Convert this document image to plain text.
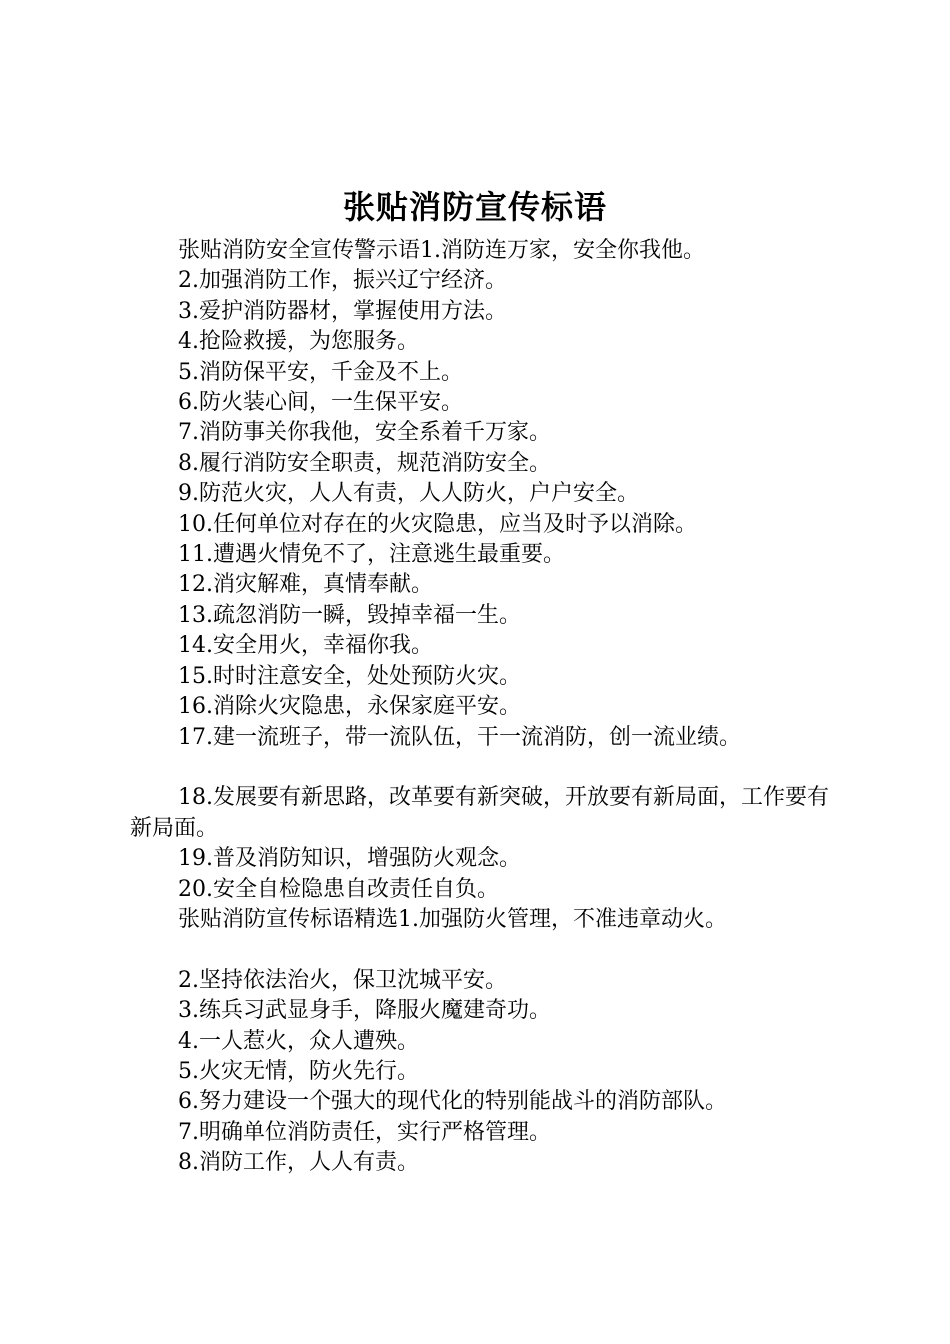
张贴消防宣传标语
张贴消防安全宣传警示语1.消防连万家，安全你我他。
2.加强消防工作，振兴辽宁经济。
3.爱护消防器材，掌握使用方法。
4.抢险救援，为您服务。
5.消防保平安，千金及不上。
6.防火装心间，一生保平安。
7.消防事关你我他，安全系着千万家。
8.履行消防安全职责，规范消防安全。
9.防范火灾，人人有责，人人防火，户户安全。
10.任何单位对存在的火灾隐患，应当及时予以消除。
11.遭遇火情免不了，注意逃生最重要。
12.消灾解难，真情奉献。
13.疏忽消防一瞬，毁掉幸福一生。
14.安全用火，幸福你我。
15.时时注意安全，处处预防火灾。
16.消除火灾隐患，永保家庭平安。
17.建一流班子，带一流队伍，干一流消防，创一流业绩。
18.发展要有新思路，改革要有新突破，开放要有新局面，工作要有新局面。
19.普及消防知识，增强防火观念。
20.安全自检隐患自改责任自负。
张贴消防宣传标语精选1.加强防火管理，不准违章动火。
2.坚持依法治火，保卫沈城平安。
3.练兵习武显身手，降服火魔建奇功。
4.一人惹火，众人遭殃。
5.火灾无情，防火先行。
6.努力建设一个强大的现代化的特别能战斗的消防部队。
7.明确单位消防责任，实行严格管理。
8.消防工作，人人有责。
